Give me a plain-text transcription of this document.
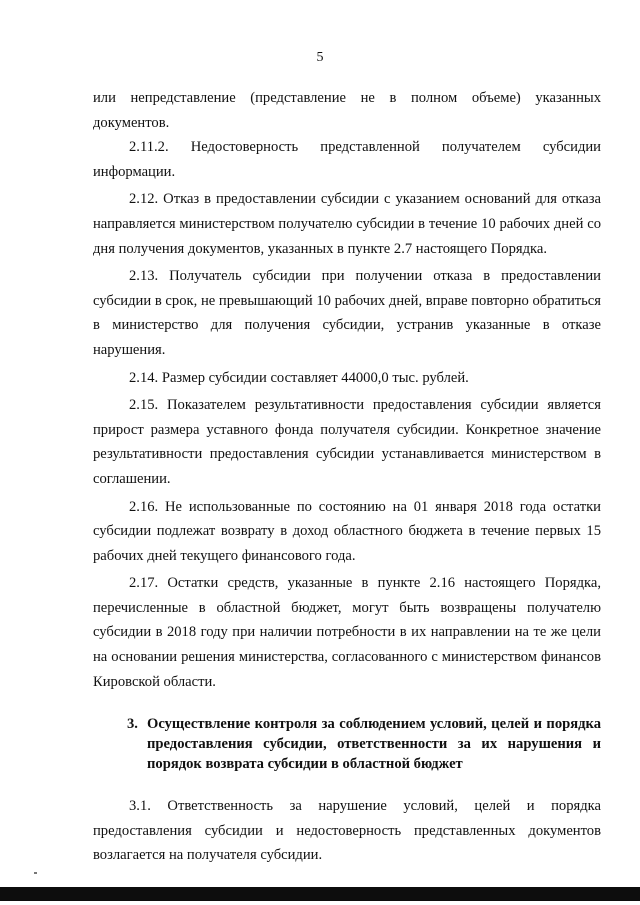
5

или непредставление (представление не в полном объеме) указанных документов.

2.11.2. Недостоверность представленной получателем субсидии информации.

2.12. Отказ в предоставлении субсидии с указанием оснований для отказа направляется министерством получателю субсидии в течение 10 рабочих дней со дня получения документов, указанных в пункте 2.7 настоящего Порядка.

2.13. Получатель субсидии при получении отказа в предоставлении субсидии в срок, не превышающий 10 рабочих дней, вправе повторно обратиться в министерство для получения субсидии, устранив указанные в отказе нарушения.

2.14. Размер субсидии составляет 44000,0 тыс. рублей.

2.15. Показателем результативности предоставления субсидии является прирост размера уставного фонда получателя субсидии. Конкретное значение результативности предоставления субсидии устанавливается министерством в соглашении.

2.16. Не использованные по состоянию на 01 января 2018 года остатки субсидии подлежат возврату в доход областного бюджета в течение первых 15 рабочих дней текущего финансового года.

2.17. Остатки средств, указанные в пункте 2.16 настоящего Порядка, перечисленные в областной бюджет, могут быть возвращены получателю субсидии в 2018 году при наличии потребности в их направлении на те же цели на основании решения министерства, согласованного с министерством финансов Кировской области.

3. Осуществление контроля за соблюдением условий, целей и порядка предоставления субсидии, ответственности за их нарушения и порядок возврата субсидии в областной бюджет

3.1. Ответственность за нарушение условий, целей и порядка предоставления субсидии и недостоверность представленных документов возлагается на получателя субсидии.
